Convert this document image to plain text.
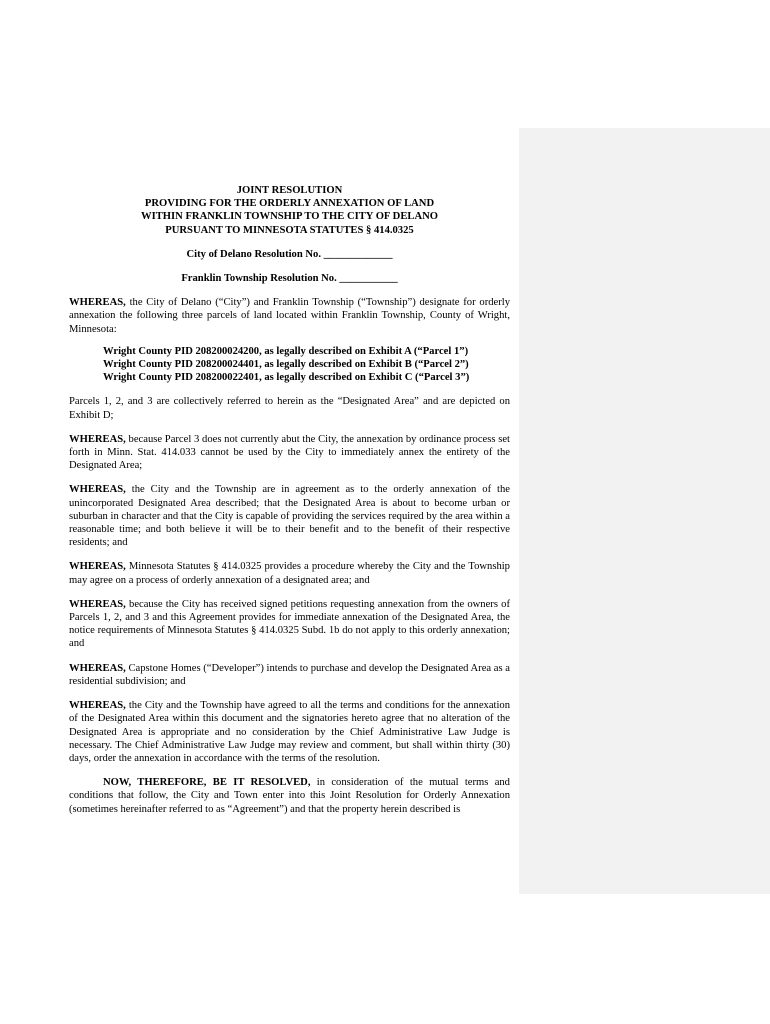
JOINT RESOLUTION
PROVIDING FOR THE ORDERLY ANNEXATION OF LAND
WITHIN FRANKLIN TOWNSHIP TO THE CITY OF DELANO
PURSUANT TO MINNESOTA STATUTES § 414.0325
City of Delano Resolution No. _____________
Franklin Township Resolution No. ___________

WHEREAS, the City of Delano (“City”) and Franklin Township (“Township”) designate for orderly annexation the following three parcels of land located within Franklin Township, County of Wright, Minnesota:

Wright County PID 208200024200, as legally described on Exhibit A (“Parcel 1”)
Wright County PID 208200024401, as legally described on Exhibit B (“Parcel 2”)
Wright County PID 208200022401, as legally described on Exhibit C (“Parcel 3”)

Parcels 1, 2, and 3 are collectively referred to herein as the “Designated Area” and are depicted on Exhibit D;

WHEREAS, because Parcel 3 does not currently abut the City, the annexation by ordinance process set forth in Minn. Stat. 414.033 cannot be used by the City to immediately annex the entirety of the Designated Area;

WHEREAS, the City and the Township are in agreement as to the orderly annexation of the unincorporated Designated Area described; that the Designated Area is about to become urban or suburban in character and that the City is capable of providing the services required by the area within a reasonable time; and both believe it will be to their benefit and to the benefit of their respective residents; and

WHEREAS, Minnesota Statutes § 414.0325 provides a procedure whereby the City and the Township may agree on a process of orderly annexation of a designated area; and

WHEREAS, because the City has received signed petitions requesting annexation from the owners of Parcels 1, 2, and 3 and this Agreement provides for immediate annexation of the Designated Area, the notice requirements of Minnesota Statutes § 414.0325 Subd. 1b do not apply to this orderly annexation; and

WHEREAS, Capstone Homes (“Developer”) intends to purchase and develop the Designated Area as a residential subdivision; and

WHEREAS, the City and the Township have agreed to all the terms and conditions for the annexation of the Designated Area within this document and the signatories hereto agree that no alteration of the Designated Area is appropriate and no consideration by the Chief Administrative Law Judge is necessary. The Chief Administrative Law Judge may review and comment, but shall within thirty (30) days, order the annexation in accordance with the terms of the resolution.

NOW, THEREFORE, BE IT RESOLVED, in consideration of the mutual terms and conditions that follow, the City and Town enter into this Joint Resolution for Orderly Annexation (sometimes hereinafter referred to as “Agreement”) and that the property herein described is
